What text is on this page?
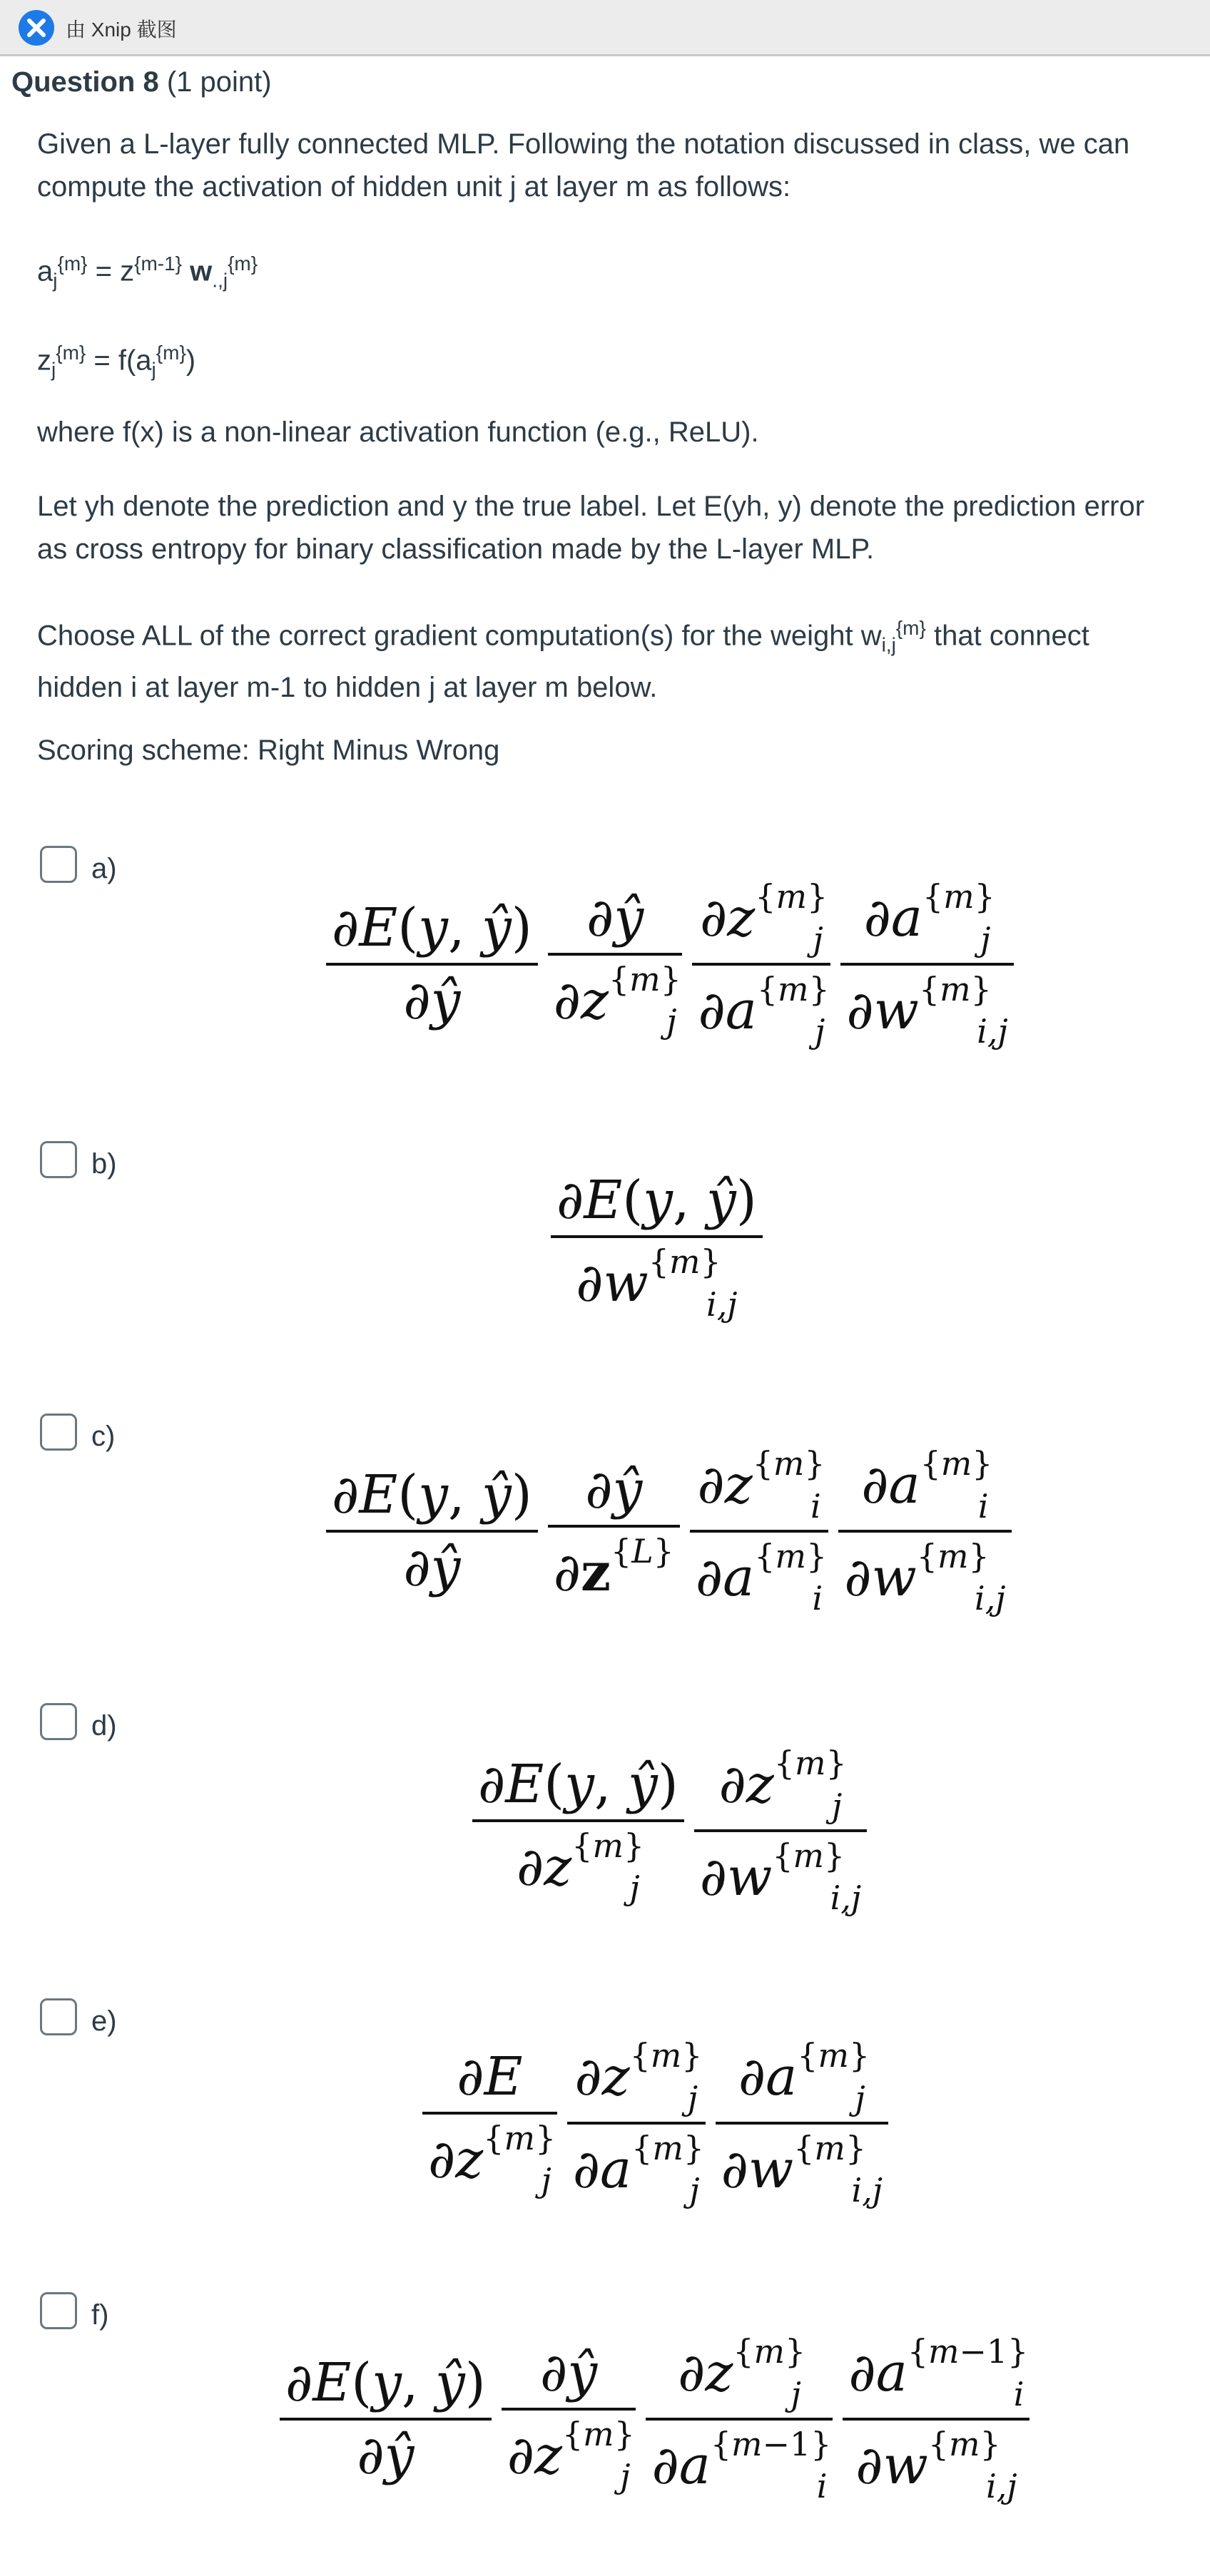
由 Xnip 截图
Question 8 (1 point)
Given a L-layer fully connected MLP. Following the notation discussed in class, we can compute the activation of hidden unit j at layer m as follows:
$a_j^{\{m\}} = z^{\{m-1\}}$ $w_{.,j}^{\{m\}}$
$z_j^{\{m\}} = f(a_j^{\{m\}})$
where f(x) is a non-linear activation function (e.g., ReLU).
Let yh denote the prediction and y the true label. Let E(yh, y) denote the prediction error as cross entropy for binary classification made by the L-layer MLP.
Choose ALL of the correct gradient computation(s) for the weight $w_{i,j}^{\{m\}}$ that connect hidden i at layer m-1 to hidden j at layer m below.
Scoring scheme: Right Minus Wrong
a)
$\frac{\partial E(y, ŷ)}{\partial ŷ} \frac{\partial ŷ}{\partial z^{\{m\}}_j} \frac{\partial z^{\{m\}}_j}{\partial a^{\{m\}}_j} \frac{\partial a^{\{m\}}_j}{\partial w^{\{m\}}_{i,j}}$
b)
$\frac{\partial E(y, ŷ)}{\partial w^{\{m\}}_{i,j}}$
c)
$\frac{\partial E(y, ŷ)}{\partial ŷ} \frac{\partial ŷ}{\partial z^{\{L\}}} \frac{\partial z^{\{m\}}_i}{\partial a^{\{m\}}_i} \frac{\partial a^{\{m\}}_i}{\partial w^{\{m\}}_{i,j}}$
d)
$\frac{\partial E(y, ŷ)}{\partial z^{\{m\}}_j} \frac{\partial z^{\{m\}}_j}{\partial w^{\{m\}}_{i,j}}$
e)
$\frac{\partial E}{\partial z^{\{m\}}_j} \frac{\partial z^{\{m\}}_j}{\partial a^{\{m\}}_j} \frac{\partial a^{\{m\}}_j}{\partial w^{\{m\}}_{i,j}}$
f)
$\frac{\partial E(y, ŷ)}{\partial ŷ} \frac{\partial ŷ}{\partial z^{\{m\}}_j} \frac{\partial z^{\{m\}}_j}{\partial a^{\{m-1\}}_i} \frac{\partial a^{\{m-1\}}_i}{\partial w^{\{m\}}_{i,j}}$
